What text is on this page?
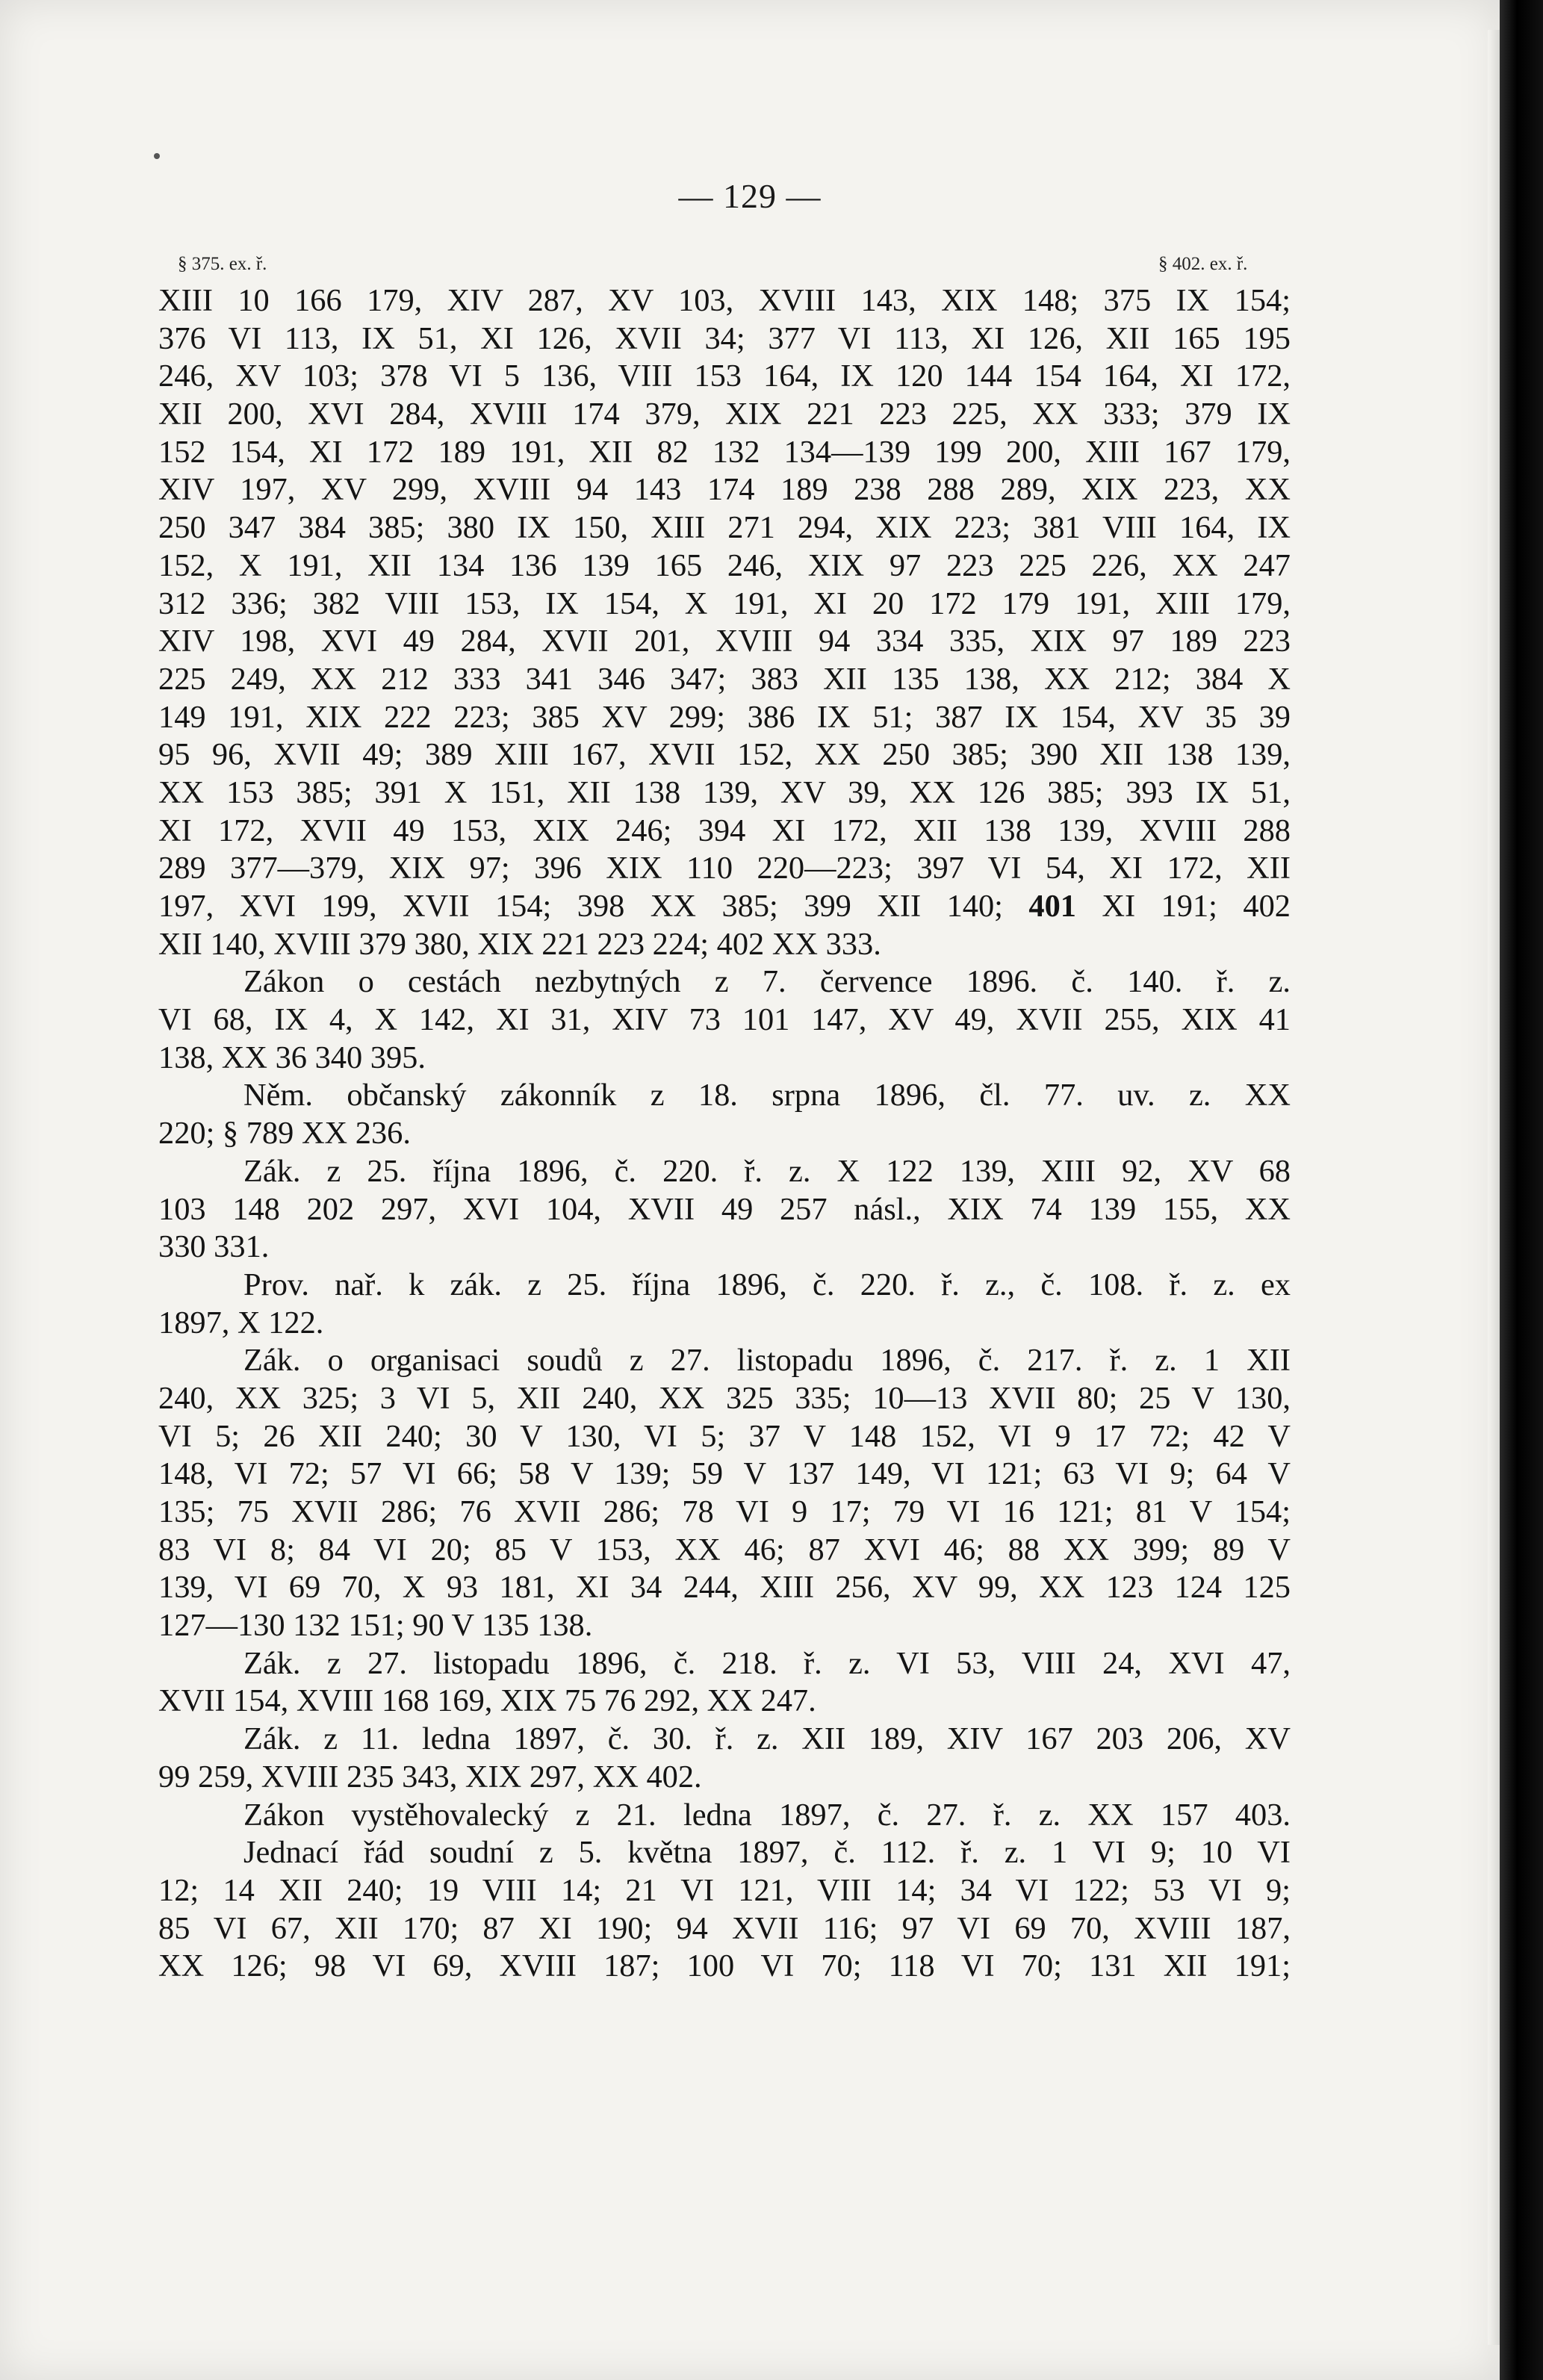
— 129 —
§ 375. ex. ř.	§ 402. ex. ř.
XIII 10 166 179, XIV 287, XV 103, XVIII 143, XIX 148; 375 IX 154;
376 VI 113, IX 51, XI 126, XVII 34; 377 VI 113, XI 126, XII 165 195
246, XV 103; 378 VI 5 136, VIII 153 164, IX 120 144 154 164, XI 172,
XII 200, XVI 284, XVIII 174 379, XIX 221 223 225, XX 333; 379 IX
152 154, XI 172 189 191, XII 82 132 134—139 199 200, XIII 167 179,
XIV 197, XV 299, XVIII 94 143 174 189 238 288 289, XIX 223, XX
250 347 384 385; 380 IX 150, XIII 271 294, XIX 223; 381 VIII 164, IX
152, X 191, XII 134 136 139 165 246, XIX 97 223 225 226, XX 247
312 336; 382 VIII 153, IX 154, X 191, XI 20 172 179 191, XIII 179,
XIV 198, XVI 49 284, XVII 201, XVIII 94 334 335, XIX 97 189 223
225 249, XX 212 333 341 346 347; 383 XII 135 138, XX 212; 384 X
149 191, XIX 222 223; 385 XV 299; 386 IX 51; 387 IX 154, XV 35 39
95 96, XVII 49; 389 XIII 167, XVII 152, XX 250 385; 390 XII 138 139,
XX 153 385; 391 X 151, XII 138 139, XV 39, XX 126 385; 393 IX 51,
XI 172, XVII 49 153, XIX 246; 394 XI 172, XII 138 139, XVIII 288
289 377—379, XIX 97; 396 XIX 110 220—223; 397 VI 54, XI 172, XII
197, XVI 199, XVII 154; 398 XX 385; 399 XII 140; 401 XI 191; 402
XII 140, XVIII 379 380, XIX 221 223 224; 402 XX 333.
Zákon o cestách nezbytných z 7. července 1896. č. 140. ř. z.
VI 68, IX 4, X 142, XI 31, XIV 73 101 147, XV 49, XVII 255, XIX 41
138, XX 36 340 395.
Něm. občanský zákonník z 18. srpna 1896, čl. 77. uv. z. XX
220; § 789 XX 236.
Zák. z 25. října 1896, č. 220. ř. z. X 122 139, XIII 92, XV 68
103 148 202 297, XVI 104, XVII 49 257 násl., XIX 74 139 155, XX
330 331.
Prov. nař. k zák. z 25. října 1896, č. 220. ř. z., č. 108. ř. z. ex
1897, X 122.
Zák. o organisaci soudů z 27. listopadu 1896, č. 217. ř. z. 1 XII
240, XX 325; 3 VI 5, XII 240, XX 325 335; 10—13 XVII 80; 25 V 130,
VI 5; 26 XII 240; 30 V 130, VI 5; 37 V 148 152, VI 9 17 72; 42 V
148, VI 72; 57 VI 66; 58 V 139; 59 V 137 149, VI 121; 63 VI 9; 64 V
135; 75 XVII 286; 76 XVII 286; 78 VI 9 17; 79 VI 16 121; 81 V 154;
83 VI 8; 84 VI 20; 85 V 153, XX 46; 87 XVI 46; 88 XX 399; 89 V
139, VI 69 70, X 93 181, XI 34 244, XIII 256, XV 99, XX 123 124 125
127—130 132 151; 90 V 135 138.
Zák. z 27. listopadu 1896, č. 218. ř. z. VI 53, VIII 24, XVI 47,
XVII 154, XVIII 168 169, XIX 75 76 292, XX 247.
Zák. z 11. ledna 1897, č. 30. ř. z. XII 189, XIV 167 203 206, XV
99 259, XVIII 235 343, XIX 297, XX 402.
Zákon vystěhovalecký z 21. ledna 1897, č. 27. ř. z. XX 157 403.
Jednací řád soudní z 5. května 1897, č. 112. ř. z. 1 VI 9; 10 VI
12; 14 XII 240; 19 VIII 14; 21 VI 121, VIII 14; 34 VI 122; 53 VI 9;
85 VI 67, XII 170; 87 XI 190; 94 XVII 116; 97 VI 69 70, XVIII 187,
XX 126; 98 VI 69, XVIII 187; 100 VI 70; 118 VI 70; 131 XII 191;
